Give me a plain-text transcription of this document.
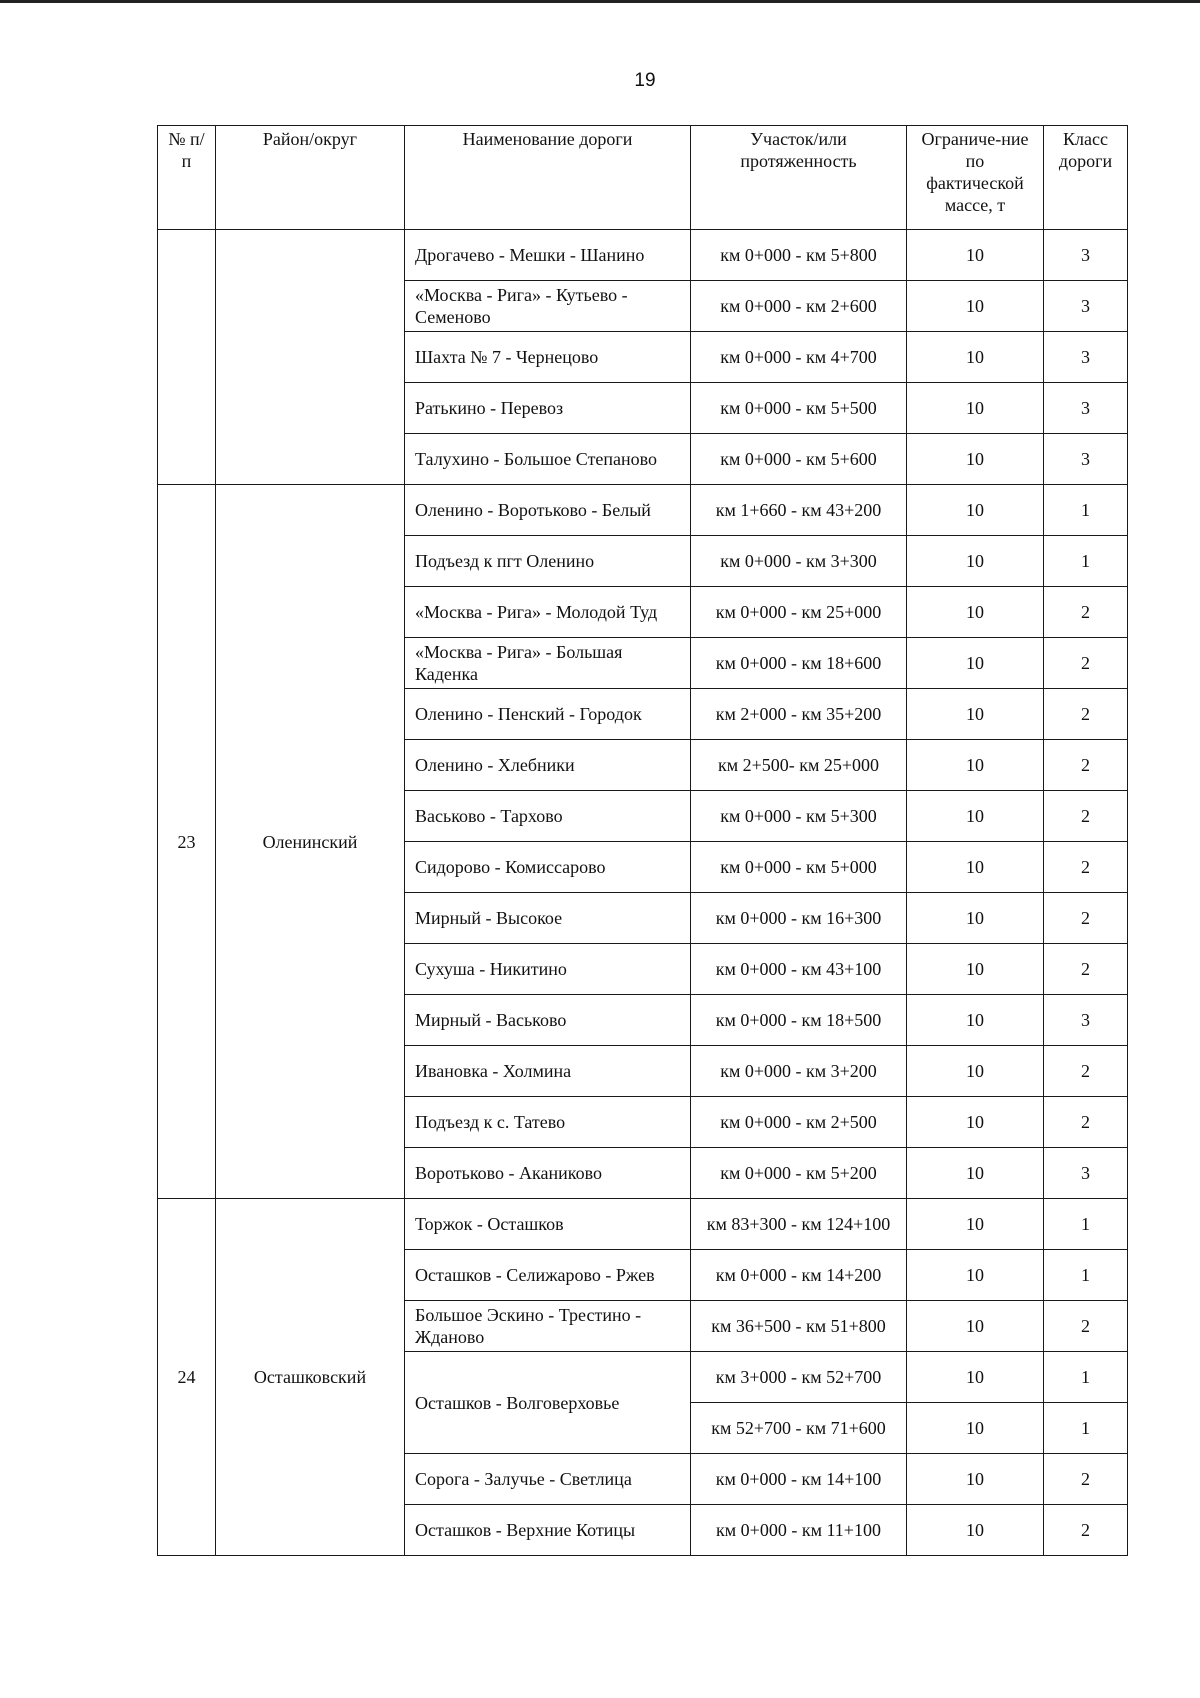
19
№ п/п	Район/округ	Наименование дороги	Участок/или протяженность	Ограниче-ние по фактической массе, т	Класс дороги
		Дрогачево - Мешки - Шанино	км 0+000 - км 5+800	10	3
		«Москва - Рига» - Кутьево - Семеново	км 0+000 - км 2+600	10	3
		Шахта № 7 - Чернецово	км 0+000 - км 4+700	10	3
		Ратькино - Перевоз	км 0+000 - км 5+500	10	3
		Талухино - Большое Степаново	км 0+000 - км 5+600	10	3
23	Оленинский	Оленино - Воротьково - Белый	км 1+660 - км 43+200	10	1
		Подъезд к пгт Оленино	км 0+000 - км 3+300	10	1
		«Москва - Рига» - Молодой Туд	км 0+000 - км 25+000	10	2
		«Москва - Рига» - Большая Каденка	км 0+000 - км 18+600	10	2
		Оленино - Пенский - Городок	км 2+000 - км 35+200	10	2
		Оленино - Хлебники	км 2+500- км 25+000	10	2
		Васьково - Тархово	км 0+000 - км 5+300	10	2
		Сидорово - Комиссарово	км 0+000 - км 5+000	10	2
		Мирный - Высокое	км 0+000 - км 16+300	10	2
		Сухуша - Никитино	км 0+000 - км 43+100	10	2
		Мирный - Васьково	км 0+000 - км 18+500	10	3
		Ивановка - Холмина	км 0+000 - км 3+200	10	2
		Подъезд к с. Татево	км 0+000 - км 2+500	10	2
		Воротьково - Аканиково	км 0+000 - км 5+200	10	3
24	Осташковский	Торжок - Осташков	км 83+300 - км 124+100	10	1
		Осташков - Селижарово - Ржев	км 0+000 - км 14+200	10	1
		Большое Эскино - Трестино - Жданово	км 36+500 - км 51+800	10	2
		Осташков - Волговерховье	км 3+000 - км 52+700	10	1
			км 52+700 - км 71+600	10	1
		Сорога - Залучье - Светлица	км 0+000 - км 14+100	10	2
		Осташков - Верхние Котицы	км 0+000 - км 11+100	10	2
